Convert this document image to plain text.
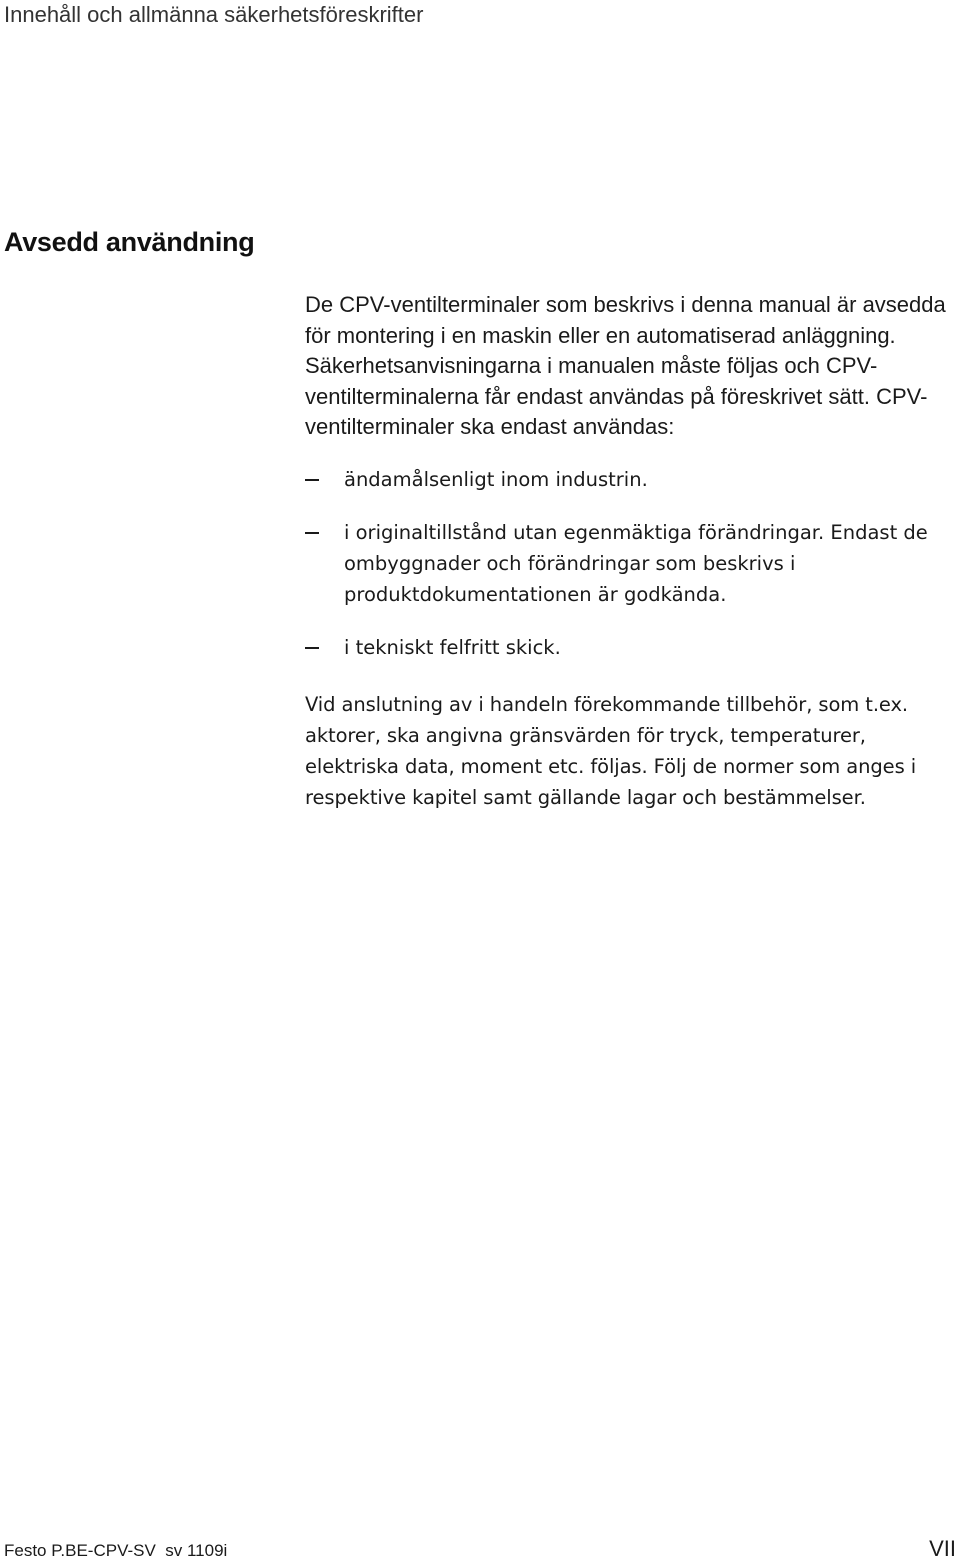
Innehåll och allmänna säkerhetsföreskrifter
Avsedd användning

De CPV-ventilterminaler som beskrivs i denna manual är avsedda för montering i en maskin eller en automatiserad anläggning. Säkerhetsanvisningarna i manualen måste följas och CPV-ventilterminalerna får endast användas på föreskrivet sätt. CPV-ventilterminaler ska endast användas:

ändamålsenligt inom industrin.
i originaltillstånd utan egenmäktiga förändringar. Endast de ombyggnader och förändringar som beskrivs i produktdokumentationen är godkända.
i tekniskt felfritt skick.

Vid anslutning av i handeln förekommande tillbehör, som t.ex. aktorer, ska angivna gränsvärden för tryck, temperaturer, elektriska data, moment etc. följas. Följ de normer som anges i respektive kapitel samt gällande lagar och bestämmelser.

Festo P.BE-CPV-SV  sv 1109i	VII
